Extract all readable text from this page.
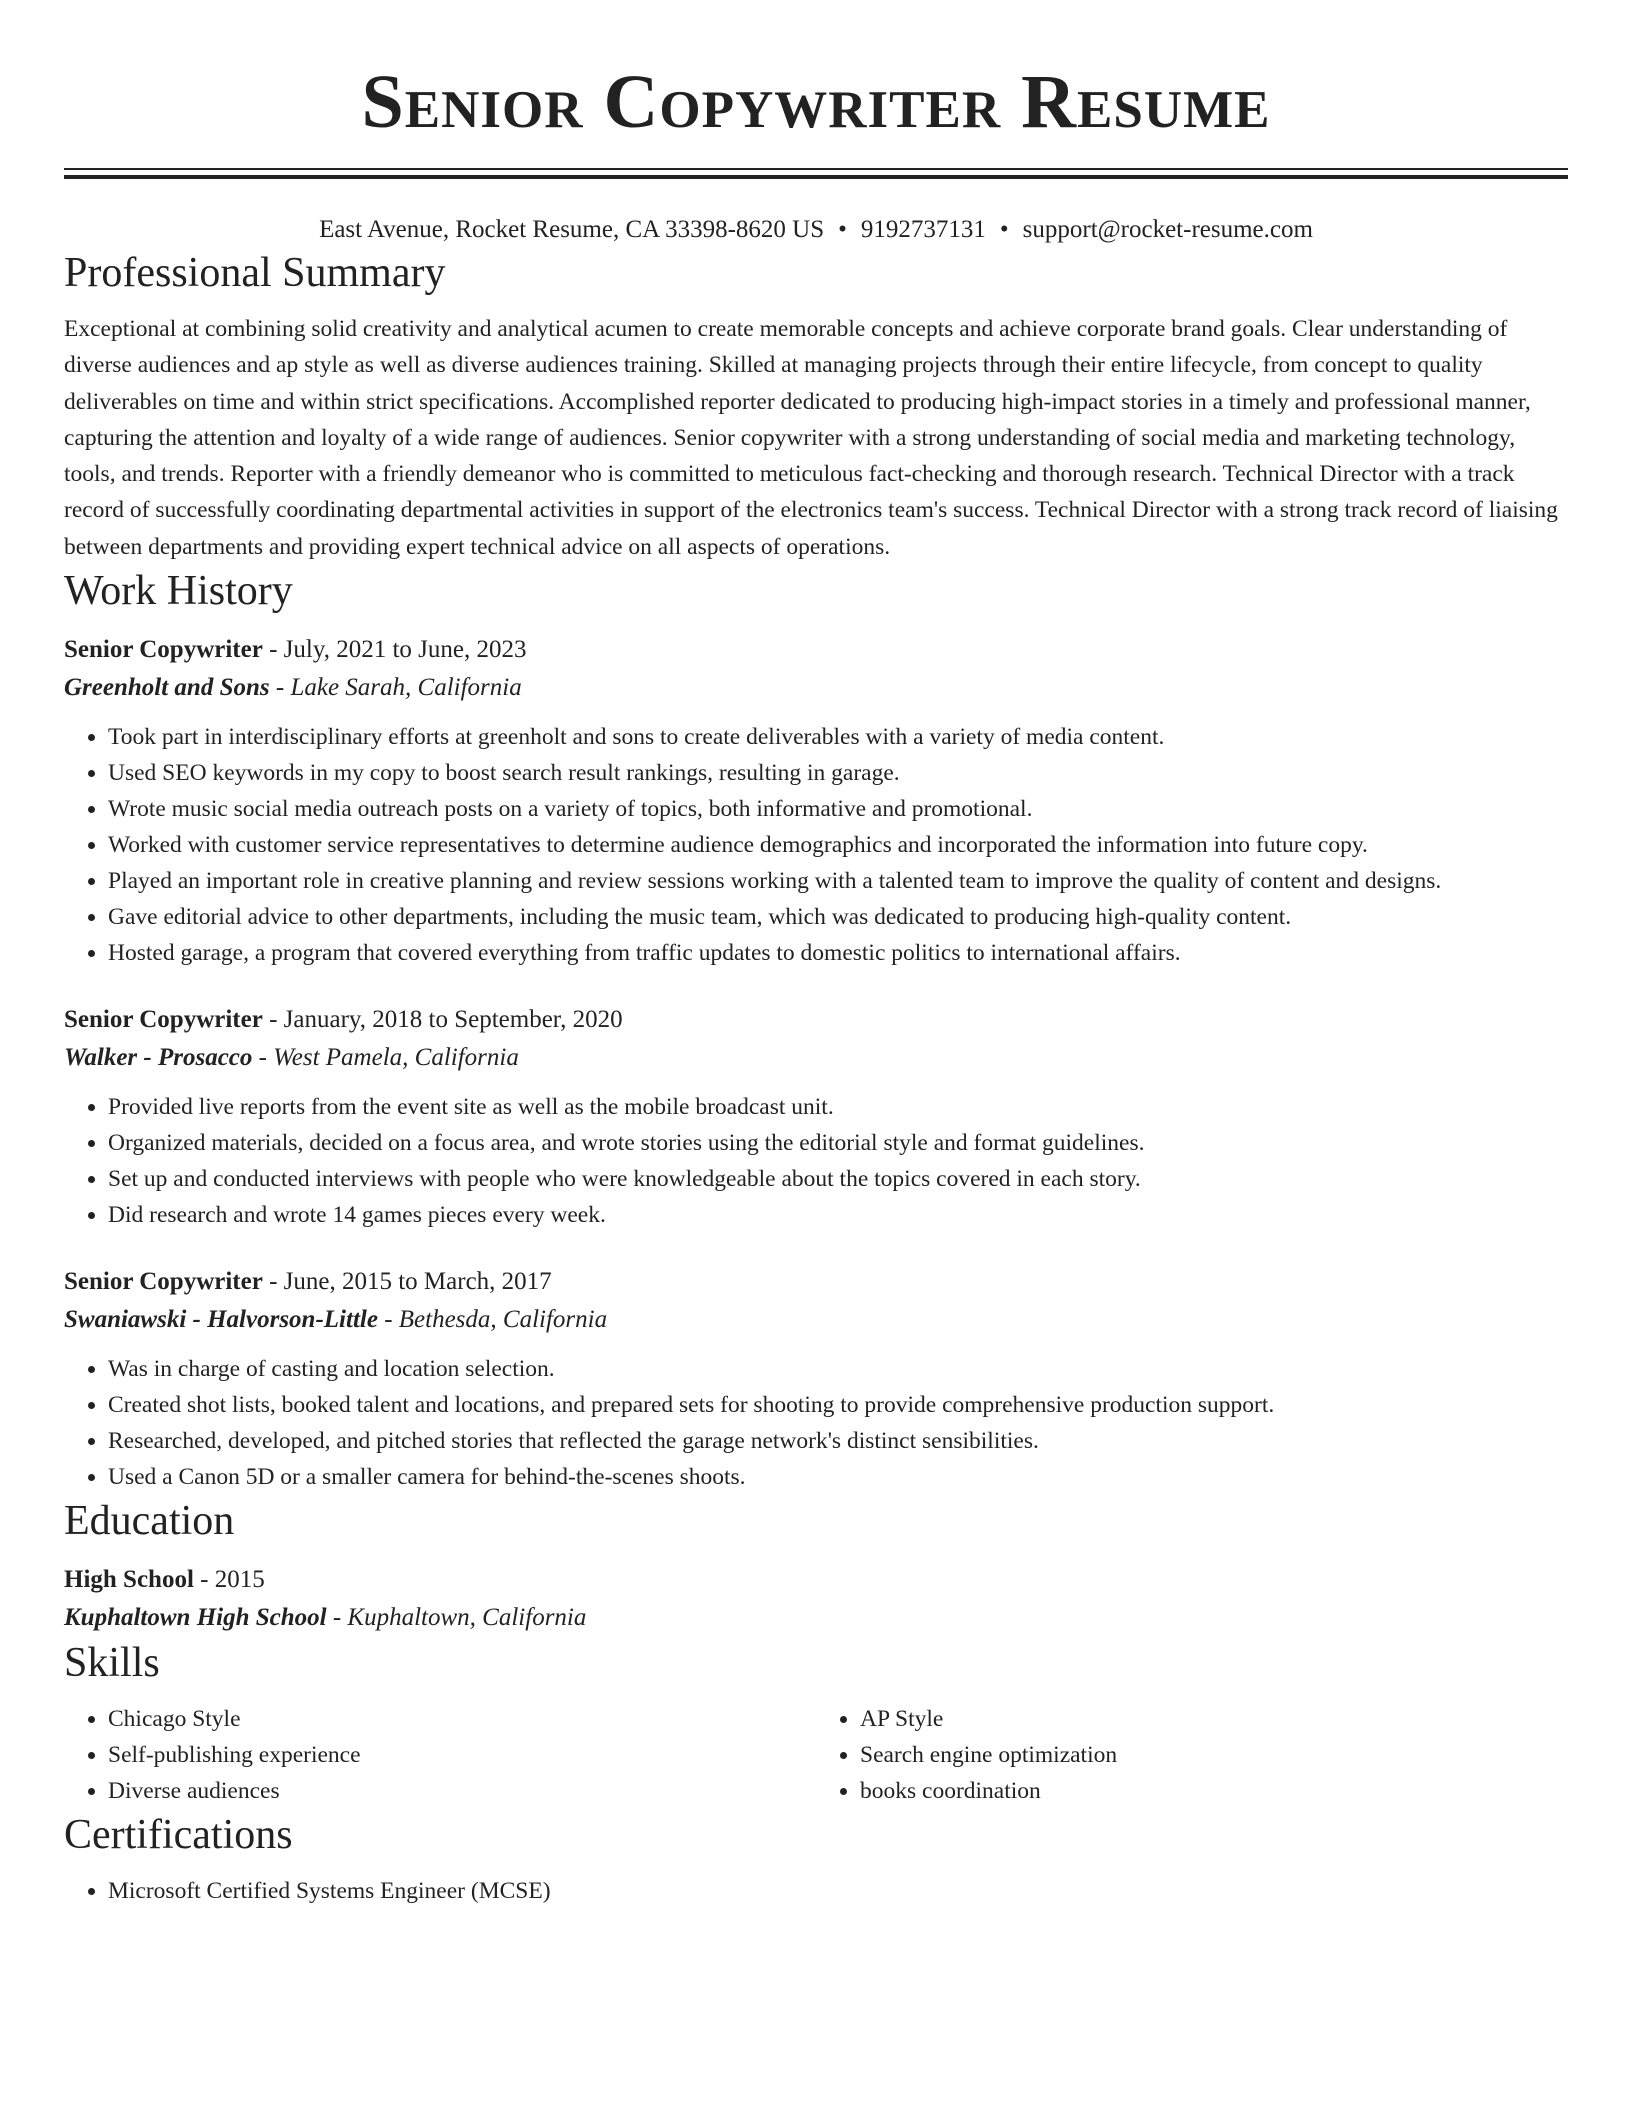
Senior Copywriter Resume
East Avenue, Rocket Resume, CA 33398-8620 US • 9192737131 • support@rocket-resume.com
Professional Summary

Exceptional at combining solid creativity and analytical acumen to create memorable concepts and achieve corporate brand goals. Clear understanding of diverse audiences and ap style as well as diverse audiences training. Skilled at managing projects through their entire lifecycle, from concept to quality deliverables on time and within strict specifications. Accomplished reporter dedicated to producing high-impact stories in a timely and professional manner, capturing the attention and loyalty of a wide range of audiences. Senior copywriter with a strong understanding of social media and marketing technology, tools, and trends. Reporter with a friendly demeanor who is committed to meticulous fact-checking and thorough research. Technical Director with a track record of successfully coordinating departmental activities in support of the electronics team's success. Technical Director with a strong track record of liaising between departments and providing expert technical advice on all aspects of operations.

Work History
Senior Copywriter - July, 2021 to June, 2023
Greenholt and Sons - Lake Sarah, California
• Took part in interdisciplinary efforts at greenholt and sons to create deliverables with a variety of media content.
• Used SEO keywords in my copy to boost search result rankings, resulting in garage.
• Wrote music social media outreach posts on a variety of topics, both informative and promotional.
• Worked with customer service representatives to determine audience demographics and incorporated the information into future copy.
• Played an important role in creative planning and review sessions working with a talented team to improve the quality of content and designs.
• Gave editorial advice to other departments, including the music team, which was dedicated to producing high-quality content.
• Hosted garage, a program that covered everything from traffic updates to domestic politics to international affairs.
Senior Copywriter - January, 2018 to September, 2020
Walker - Prosacco - West Pamela, California
• Provided live reports from the event site as well as the mobile broadcast unit.
• Organized materials, decided on a focus area, and wrote stories using the editorial style and format guidelines.
• Set up and conducted interviews with people who were knowledgeable about the topics covered in each story.
• Did research and wrote 14 games pieces every week.
Senior Copywriter - June, 2015 to March, 2017
Swaniawski - Halvorson-Little - Bethesda, California
• Was in charge of casting and location selection.
• Created shot lists, booked talent and locations, and prepared sets for shooting to provide comprehensive production support.
• Researched, developed, and pitched stories that reflected the garage network's distinct sensibilities.
• Used a Canon 5D or a smaller camera for behind-the-scenes shoots.
Education
High School - 2015
Kuphaltown High School - Kuphaltown, California
Skills
• Chicago Style
• Self-publishing experience
• Diverse audiences
• AP Style
• Search engine optimization
• books coordination
Certifications
• Microsoft Certified Systems Engineer (MCSE)
